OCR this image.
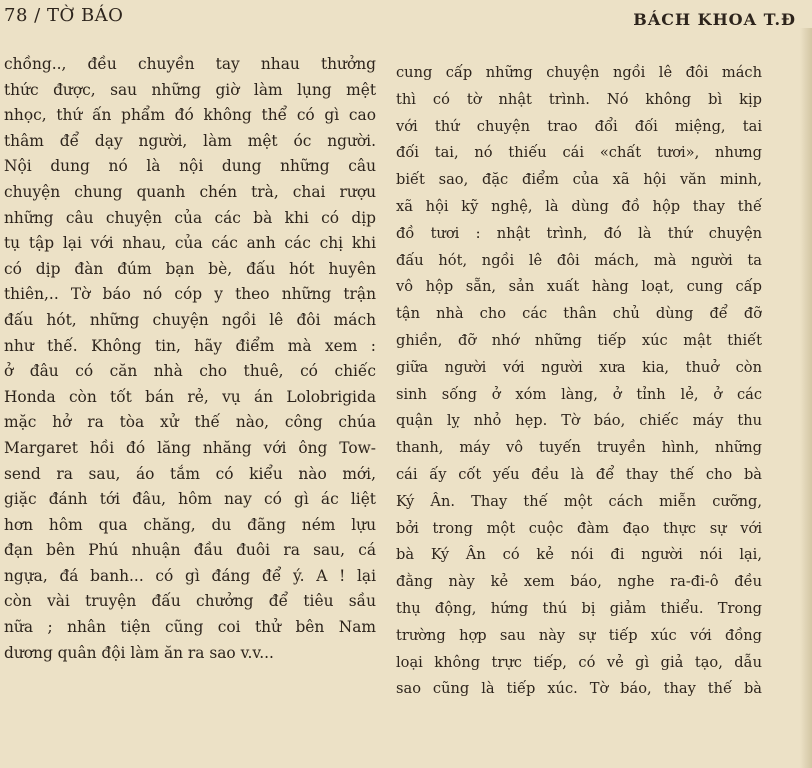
78 / TỜ BÁO	BÁCH KHOA T.Đ
chồng.., đều chuyền tay nhau thưởng
thức được, sau những giờ làm lụng mệt
nhọc, thứ ấn phẩm đó không thể có gì cao
thâm để dạy người, làm mệt óc người.
Nội dung nó là nội dung những câu
chuyện chung quanh chén trà, chai rượu
những câu chuyện của các bà khi có dịp
tụ tập lại với nhau, của các anh các chị khi
có dịp đàn đúm bạn bè, đấu hót huyên
thiên,.. Tờ báo nó cóp y theo những trận
đấu hót, những chuyện ngồi lê đôi mách
như thế. Không tin, hãy điểm mà xem :
ở đâu có căn nhà cho thuê, có chiếc
Honda còn tốt bán rẻ, vụ án Lolobrigida
mặc hở ra tòa xử thế nào, công chúa
Margaret hồi đó lăng nhăng với ông Tow-
send ra sau, áo tắm có kiểu nào mới,
giặc đánh tới đâu, hôm nay có gì ác liệt
hơn hôm qua chăng, du đãng ném lựu
đạn bên Phú nhuận đầu đuôi ra sau, cá
ngựa, đá banh... có gì đáng để ý. A ! lại
còn vài truyện đấu chưởng để tiêu sầu
nữa ; nhân tiện cũng coi thử bên Nam
dương quân đội làm ăn ra sao v.v...
cung cấp những chuyện ngồi lê đôi mách
thì có tờ nhật trình. Nó không bì kịp
với thứ chuyện trao đổi đối miệng, tai
đối tai, nó thiếu cái «chất tươi», nhưng
biết sao, đặc điểm của xã hội văn minh,
xã hội kỹ nghệ, là dùng đồ hộp thay thế
đồ tươi : nhật trình, đó là thứ chuyện
đấu hót, ngồi lê đôi mách, mà người ta
vô hộp sẵn, sản xuất hàng loạt, cung cấp
tận nhà cho các thân chủ dùng để đỡ
ghiền, đỡ nhớ những tiếp xúc mật thiết
giữa người với người xưa kia, thuở còn
sinh sống ở xóm làng, ở tỉnh lẻ, ở các
quận lỵ nhỏ hẹp. Tờ báo, chiếc máy thu
thanh, máy vô tuyến truyền hình, những
cái ấy cốt yếu đều là để thay thế cho bà
Ký Ân. Thay thế một cách miễn cưỡng,
bởi trong một cuộc đàm đạo thực sự với
bà Ký Ân có kẻ nói đi người nói lại,
đằng này kẻ xem báo, nghe ra-đi-ô đều
thụ động, hứng thú bị giảm thiểu. Trong
trường hợp sau này sự tiếp xúc với đồng
loại không trực tiếp, có vẻ gì giả tạo, dẫu
sao cũng là tiếp xúc. Tờ báo, thay thế bà
